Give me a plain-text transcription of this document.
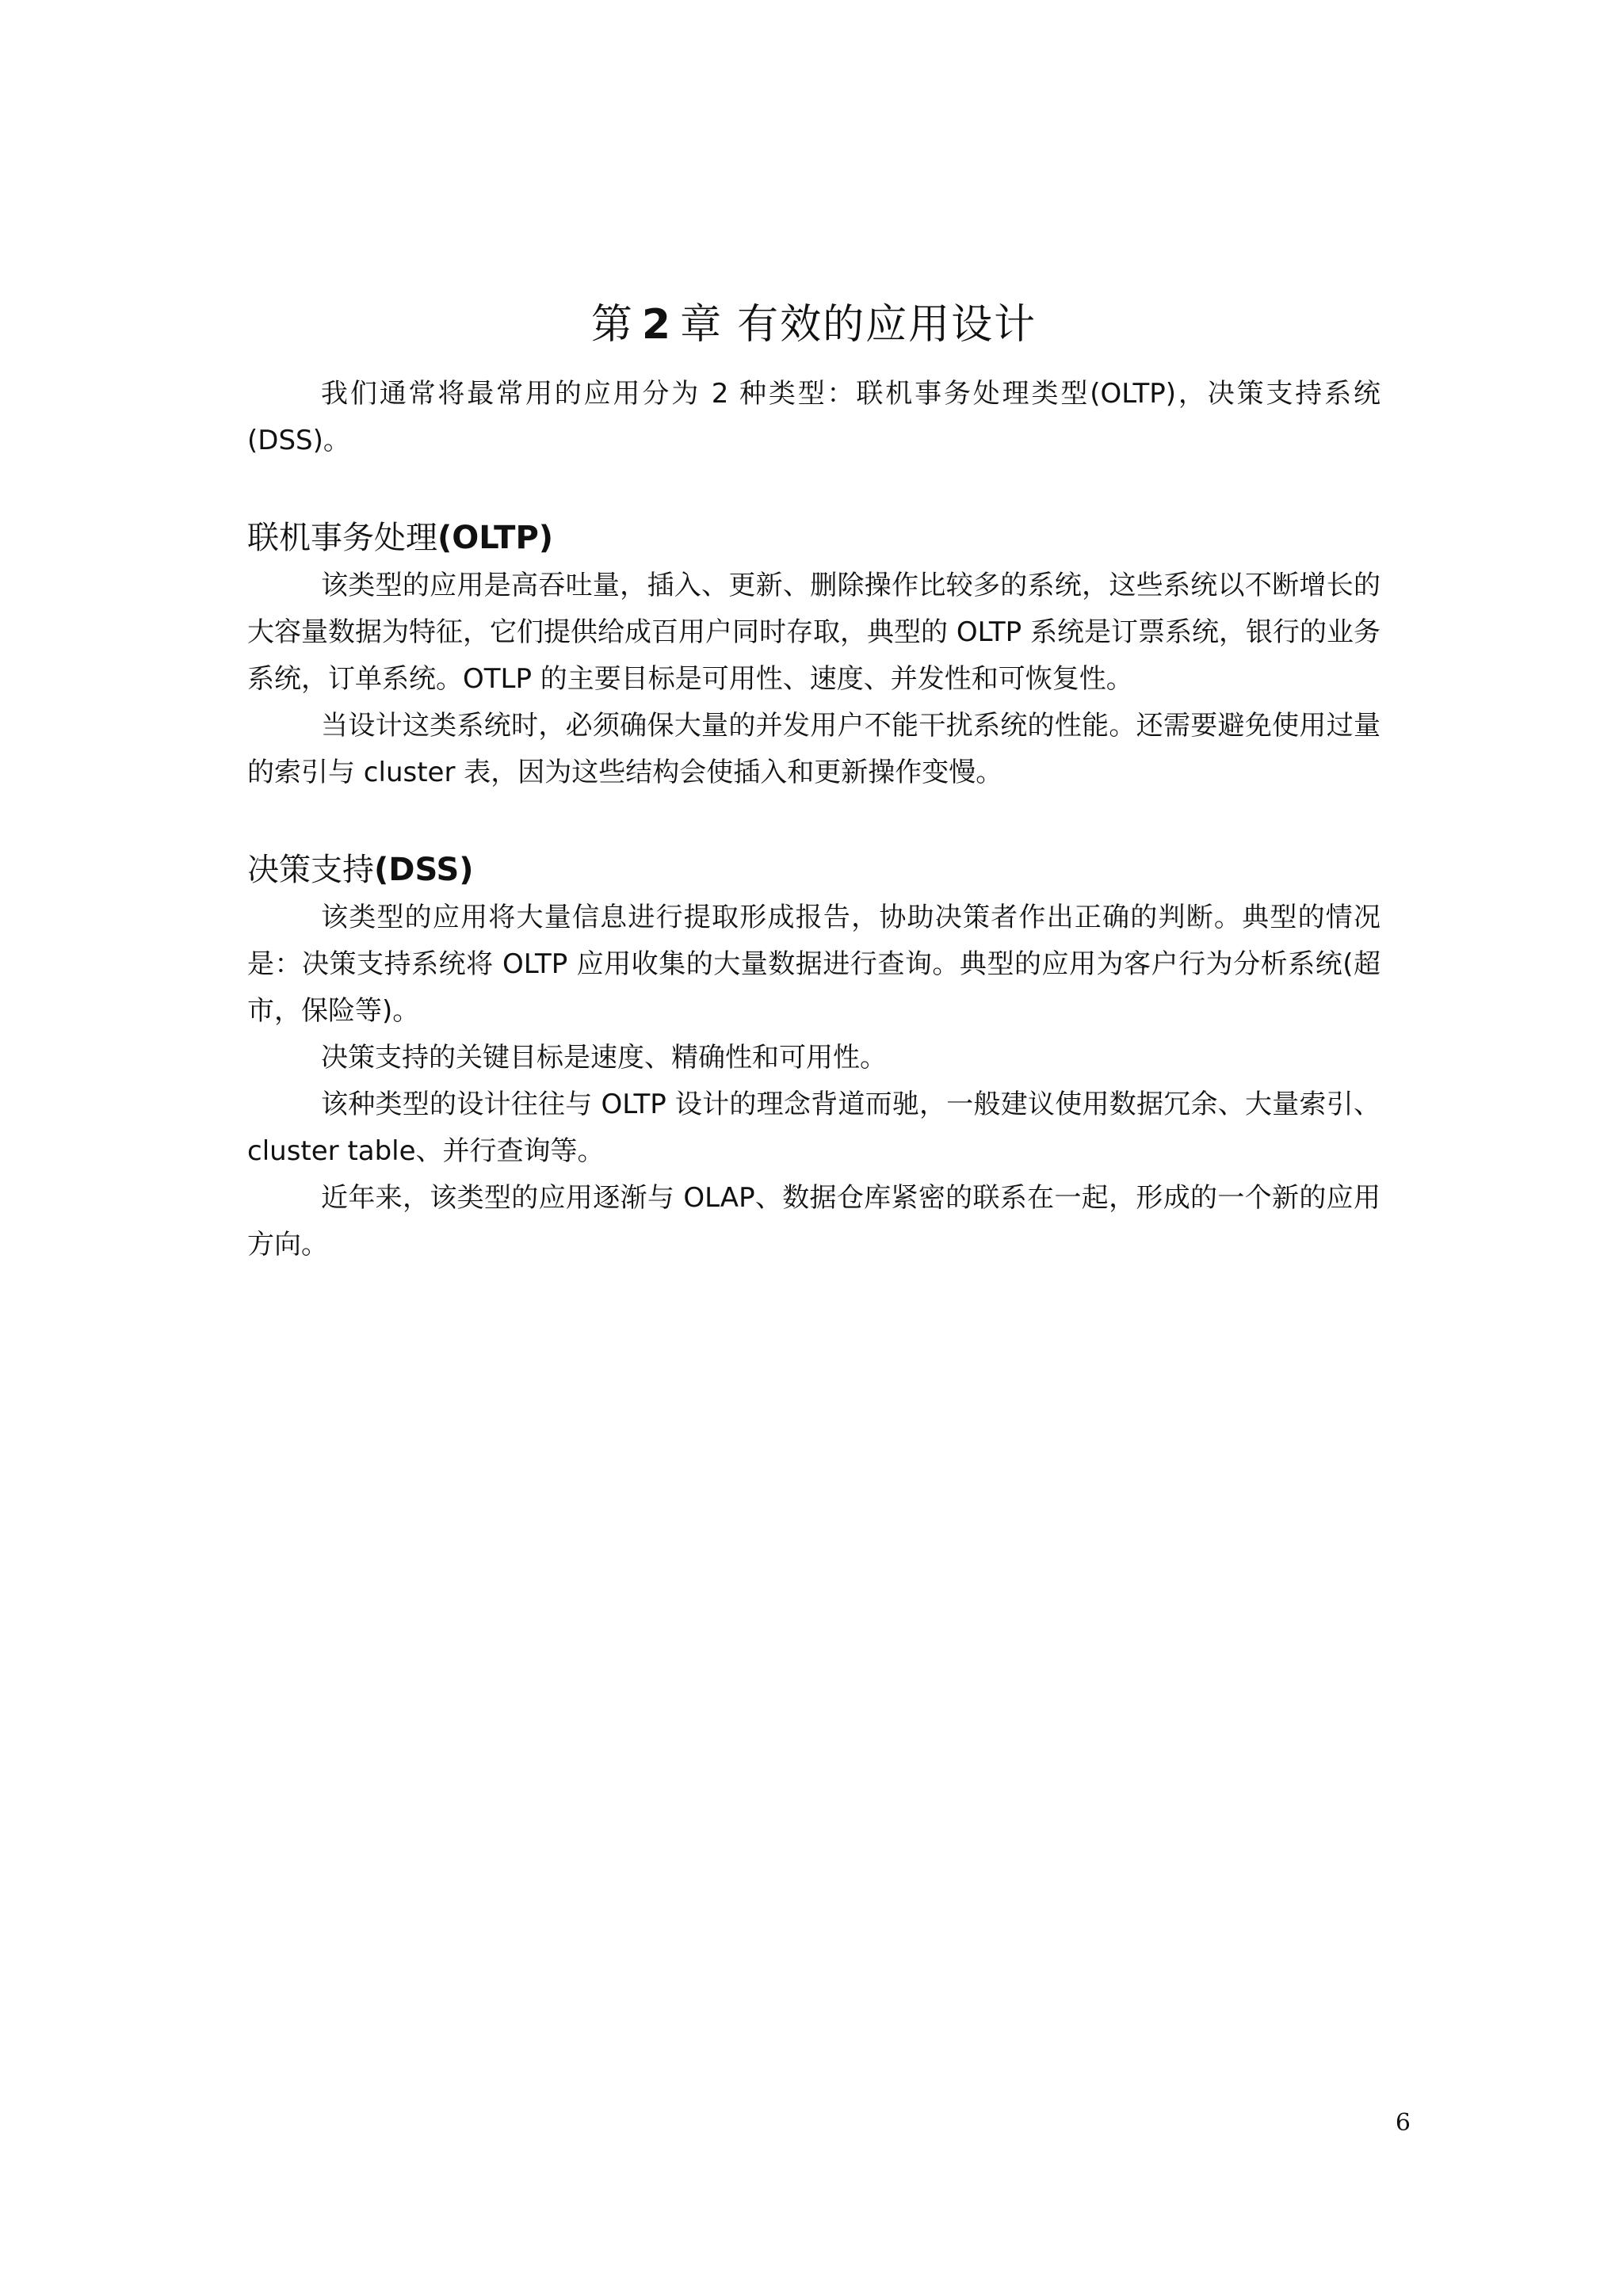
第 2 章 有效的应用设计

我们通常将最常用的应用分为 2 种类型：联机事务处理类型(OLTP)，决策支持系统(DSS)。

联机事务处理(OLTP)

该类型的应用是高吞吐量，插入、更新、删除操作比较多的系统，这些系统以不断增长的大容量数据为特征，它们提供给成百用户同时存取，典型的 OLTP 系统是订票系统，银行的业务系统，订单系统。OTLP 的主要目标是可用性、速度、并发性和可恢复性。

当设计这类系统时，必须确保大量的并发用户不能干扰系统的性能。还需要避免使用过量的索引与 cluster 表，因为这些结构会使插入和更新操作变慢。

决策支持(DSS)

该类型的应用将大量信息进行提取形成报告，协助决策者作出正确的判断。典型的情况是：决策支持系统将 OLTP 应用收集的大量数据进行查询。典型的应用为客户行为分析系统(超市，保险等)。

决策支持的关键目标是速度、精确性和可用性。

该种类型的设计往往与 OLTP 设计的理念背道而驰，一般建议使用数据冗余、大量索引、cluster table、并行查询等。

近年来，该类型的应用逐渐与 OLAP、数据仓库紧密的联系在一起，形成的一个新的应用方向。

6
